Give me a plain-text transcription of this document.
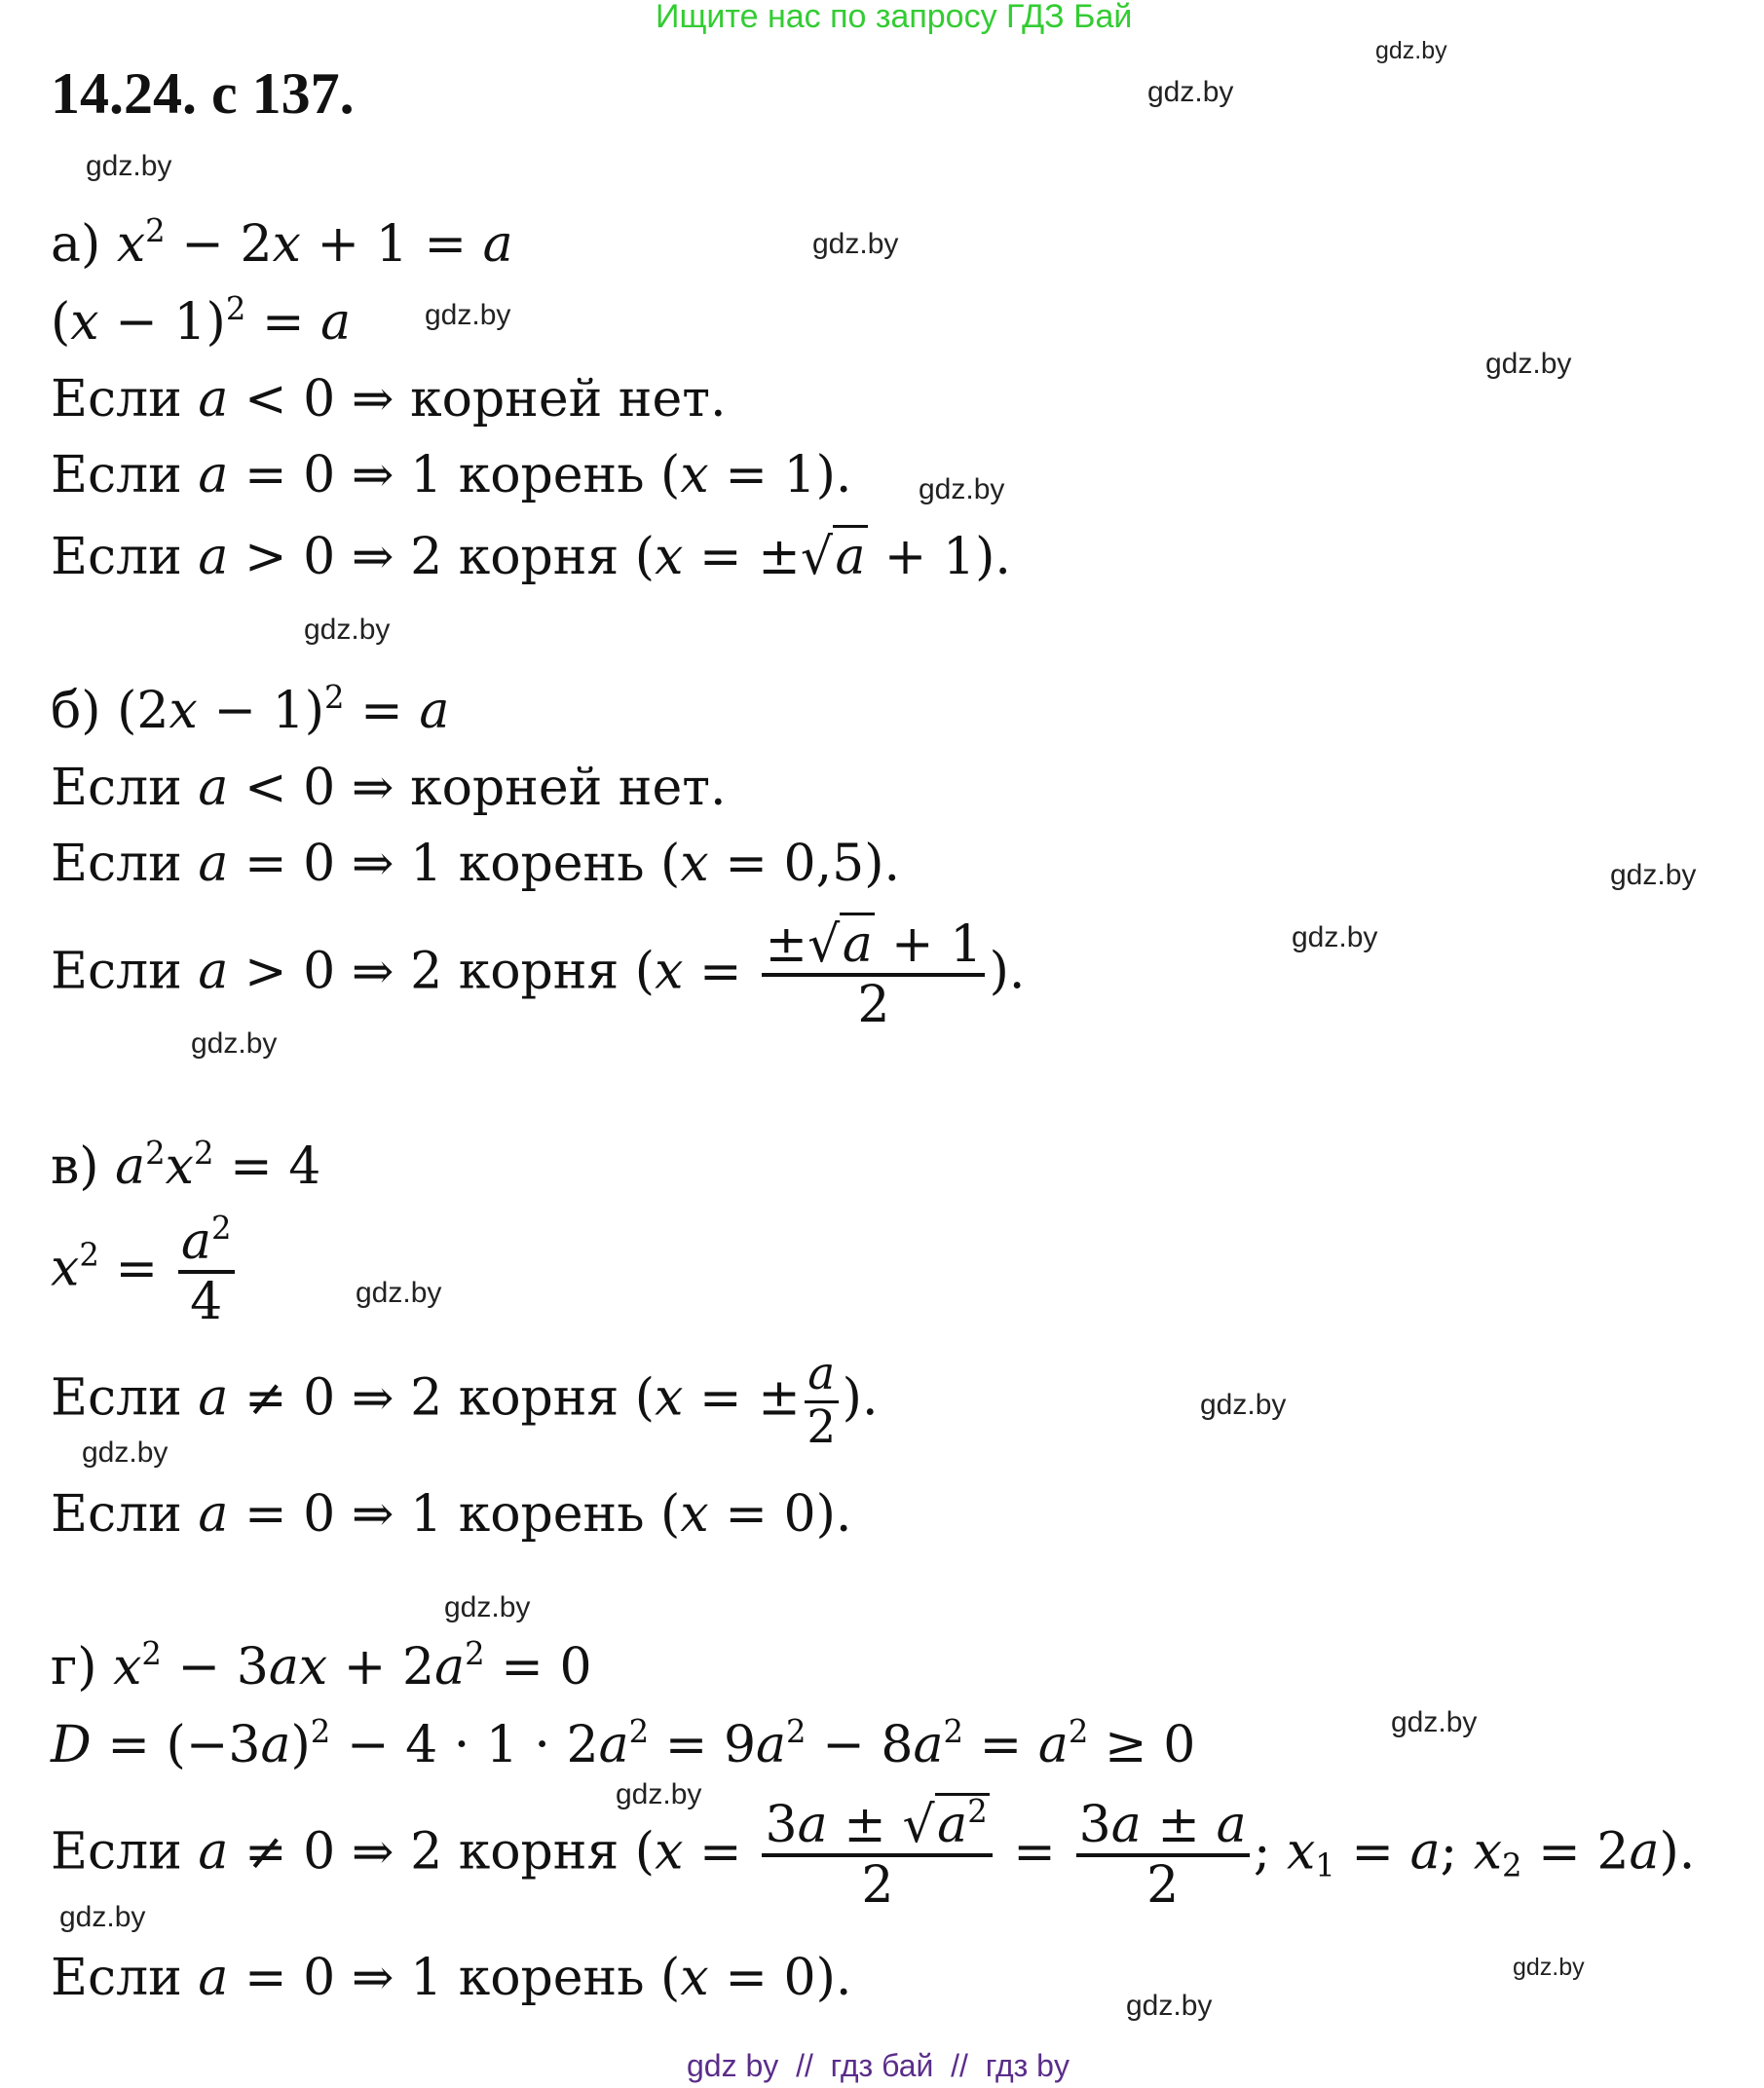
Ищите нас по запросу ГДЗ Бай
14.24. с 137.
gdz.by
gdz.by
gdz.by
gdz.by
gdz.by
gdz.by
gdz.by
gdz.by
gdz.by
gdz.by
gdz.by
gdz.by
gdz.by
gdz.by
gdz.by
gdz.by
gdz.by
gdz.by
gdz.by
gdz.by
а) $x^2 - 2x + 1 = a$
$(x - 1)^2 = a$
Если a < 0 ⇒ корней нет.
Если a = 0 ⇒ 1 корень (x = 1).
Если a > 0 ⇒ 2 корня (x = ±√a + 1).
б) $(2x - 1)^2 = a$
Если a < 0 ⇒ корней нет.
Если a = 0 ⇒ 1 корень (x = 0,5).
Если a > 0 ⇒ 2 корня ($x = \frac{\pm√a + 1}{2}$ ).
в) $a^2x^2 = 4$
$x^2 = \frac{a^2}{4}$
Если a ≠ 0 ⇒ 2 корня (x = ± $\frac{a}{2}$ ).
Если a = 0 ⇒ 1 корень (x = 0).
г) $x^2 - 3ax + 2a^2 = 0$
$D = (-3a)^2 - 4 \cdot 1 \cdot 2a^2 = 9a^2 - 8a^2 = a^2 \ge 0$
Если a ≠ 0 ⇒ 2 корня ($x = \frac{3a \pm √a^2}{2} = \frac{3a \pm a}{2}$ ; $x_1 = a$; $x_2 = 2a$).
Если a = 0 ⇒ 1 корень (x = 0).
gdz by  //  гдз бай  //  гдз by
